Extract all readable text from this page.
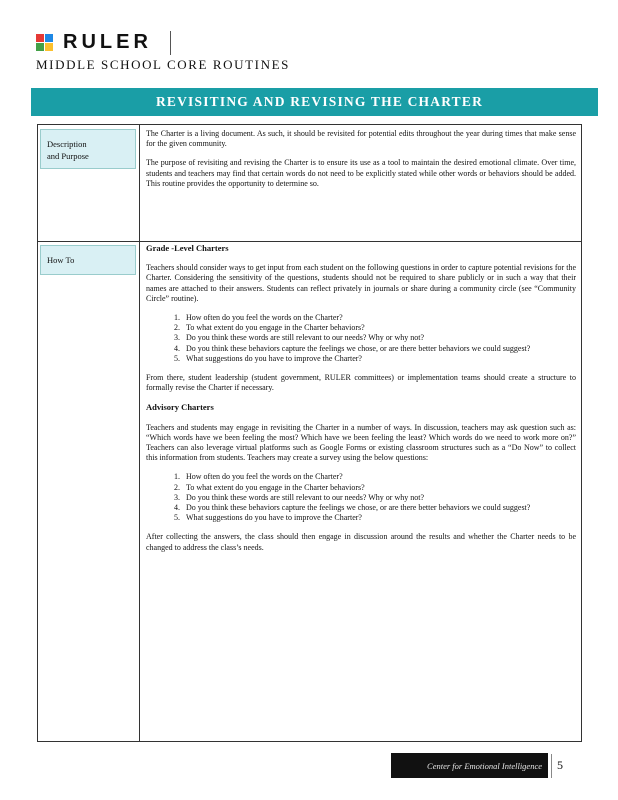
RULER
MIDDLE SCHOOL CORE ROUTINES
REVISITING AND REVISING THE CHARTER
Description
and Purpose

The Charter is a living document. As such, it should be revisited for potential edits throughout the year during times that make sense for the given community.

The purpose of revisiting and revising the Charter is to ensure its use as a tool to maintain the desired emotional climate. Over time, students and teachers may find that certain words do not need to be explicitly stated while other words or behaviors should be added. This routine provides the opportunity to determine so.

How To
Grade -Level Charters

Teachers should consider ways to get input from each student on the following questions in order to capture potential revisions for the Charter. Considering the sensitivity of the questions, students should not be required to share publicly or in such a way that their names are attached to their answers. Students can reflect privately in journals or share during a community circle (see “Community Circle” routine).

1. How often do you feel the words on the Charter?
2. To what extent do you engage in the Charter behaviors?
3. Do you think these words are still relevant to our needs? Why or why not?
4. Do you think these behaviors capture the feelings we chose, or are there better behaviors we could suggest?
5. What suggestions do you have to improve the Charter?

From there, student leadership (student government, RULER committees) or implementation teams should create a structure to formally revise the Charter if necessary.

Advisory Charters

Teachers and students may engage in revisiting the Charter in a number of ways. In discussion, teachers may ask question such as: “Which words have we been feeling the most? Which have we been feeling the least? Which words do we need to work more on?” Teachers can also leverage virtual platforms such as Google Forms or existing classroom structures such as a “Do Now” to collect this information from students. Teachers may create a survey using the below questions:

1. How often do you feel the words on the Charter?
2. To what extent do you engage in the Charter behaviors?
3. Do you think these words are still relevant to our needs? Why or why not?
4. Do you think these behaviors capture the feelings we chose, or are there better behaviors we could suggest?
5. What suggestions do you have to improve the Charter?

After collecting the answers, the class should then engage in discussion around the results and whether the Charter needs to be changed to address the class’s needs.

Center for Emotional Intelligence 5
